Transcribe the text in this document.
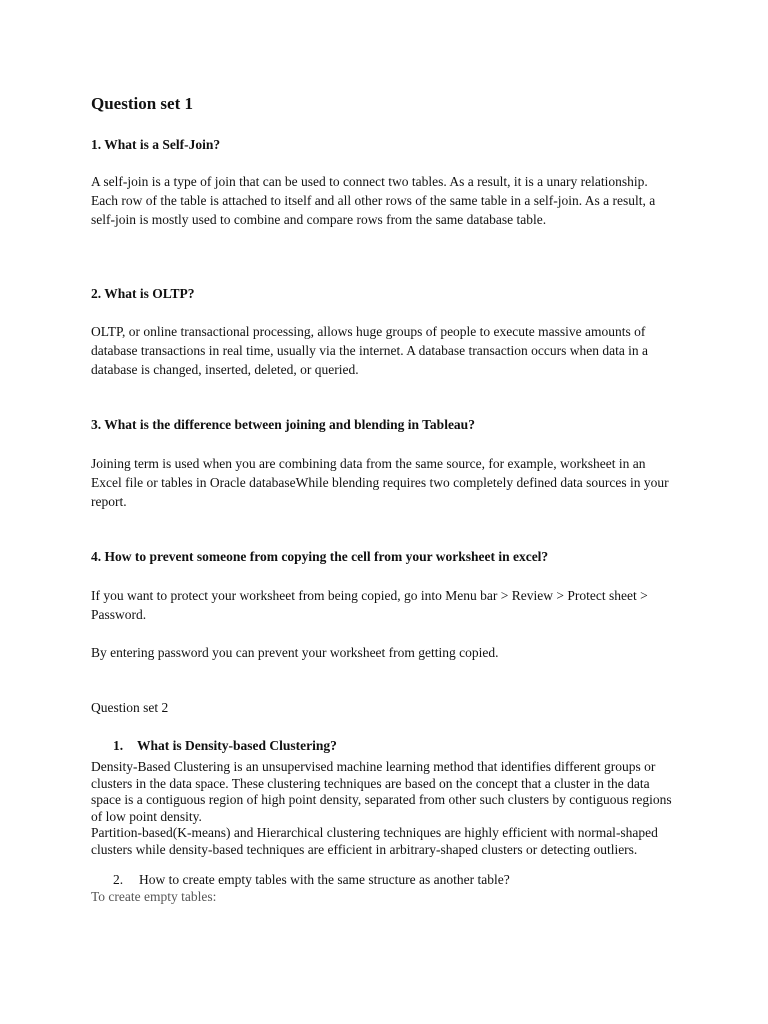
Question set 1
1. What is a Self-Join?

A self-join is a type of join that can be used to connect two tables. As a result, it is a unary relationship. Each row of the table is attached to itself and all other rows of the same table in a self-join. As a result, a self-join is mostly used to combine and compare rows from the same database table.

2. What is OLTP?

OLTP, or online transactional processing, allows huge groups of people to execute massive amounts of database transactions in real time, usually via the internet. A database transaction occurs when data in a database is changed, inserted, deleted, or queried.

3. What is the difference between joining and blending in Tableau?

Joining term is used when you are combining data from the same source, for example, worksheet in an Excel file or tables in Oracle databaseWhile blending requires two completely defined data sources in your report.

4. How to prevent someone from copying the cell from your worksheet in excel?

If you want to protect your worksheet from being copied, go into Menu bar > Review > Protect sheet > Password.

By entering password you can prevent your worksheet from getting copied.

Question set 2
1. What is Density-based Clustering?

Density-Based Clustering is an unsupervised machine learning method that identifies different groups or clusters in the data space. These clustering techniques are based on the concept that a cluster in the data space is a contiguous region of high point density, separated from other such clusters by contiguous regions of low point density.

Partition-based(K-means) and Hierarchical clustering techniques are highly efficient with normal-shaped clusters while density-based techniques are efficient in arbitrary-shaped clusters or detecting outliers.

2. How to create empty tables with the same structure as another table?

To create empty tables:
